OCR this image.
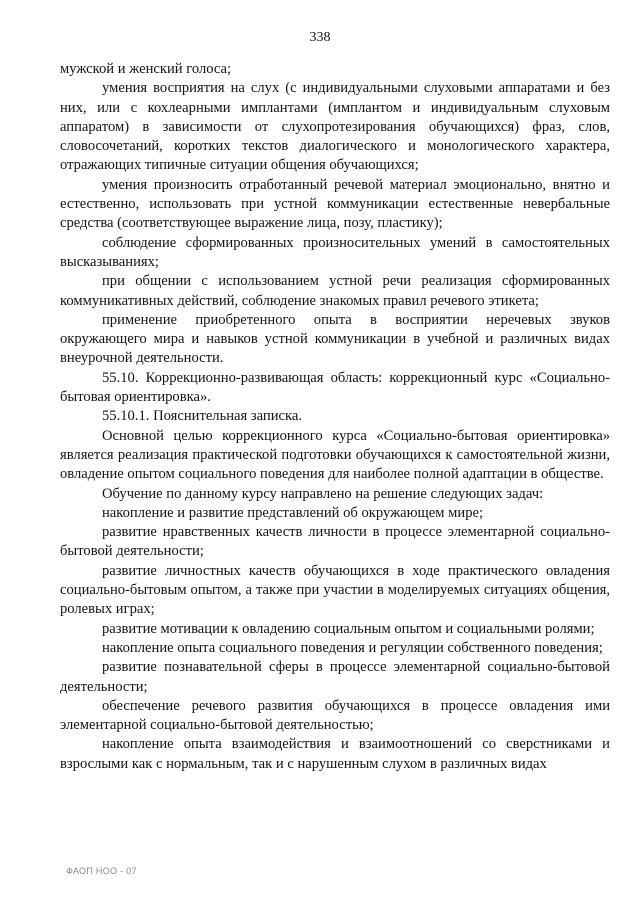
338

мужской и женский голоса;

умения восприятия на слух (с индивидуальными слуховыми аппаратами и без них, или с кохлеарными имплантами (имплантом и индивидуальным слуховым аппаратом) в зависимости от слухопротезирования обучающихся) фраз, слов, словосочетаний, коротких текстов диалогического и монологического характера, отражающих типичные ситуации общения обучающихся;

умения произносить отработанный речевой материал эмоционально, внятно и естественно, использовать при устной коммуникации естественные невербальные средства (соответствующее выражение лица, позу, пластику);

соблюдение сформированных произносительных умений в самостоятельных высказываниях;

при общении с использованием устной речи реализация сформированных коммуникативных действий, соблюдение знакомых правил речевого этикета;

применение приобретенного опыта в восприятии неречевых звуков окружающего мира и навыков устной коммуникации в учебной и различных видах внеурочной деятельности.

55.10. Коррекционно-развивающая область: коррекционный курс «Социально-бытовая ориентировка».

55.10.1. Пояснительная записка.

Основной целью коррекционного курса «Социально-бытовая ориентировка» является реализация практической подготовки обучающихся к самостоятельной жизни, овладение опытом социального поведения для наиболее полной адаптации в обществе.

Обучение по данному курсу направлено на решение следующих задач:

накопление и развитие представлений об окружающем мире;

развитие нравственных качеств личности в процессе элементарной социально-бытовой деятельности;

развитие личностных качеств обучающихся в ходе практического овладения социально-бытовым опытом, а также при участии в моделируемых ситуациях общения, ролевых играх;

развитие мотивации к овладению социальным опытом и социальными ролями;

накопление опыта социального поведения и регуляции собственного поведения;

развитие познавательной сферы в процессе элементарной социально-бытовой деятельности;

обеспечение речевого развития обучающихся в процессе овладения ими элементарной социально-бытовой деятельностью;

накопление опыта взаимодействия и взаимоотношений со сверстниками и взрослыми как с нормальным, так и с нарушенным слухом в различных видах

ФАОП НОО - 07
